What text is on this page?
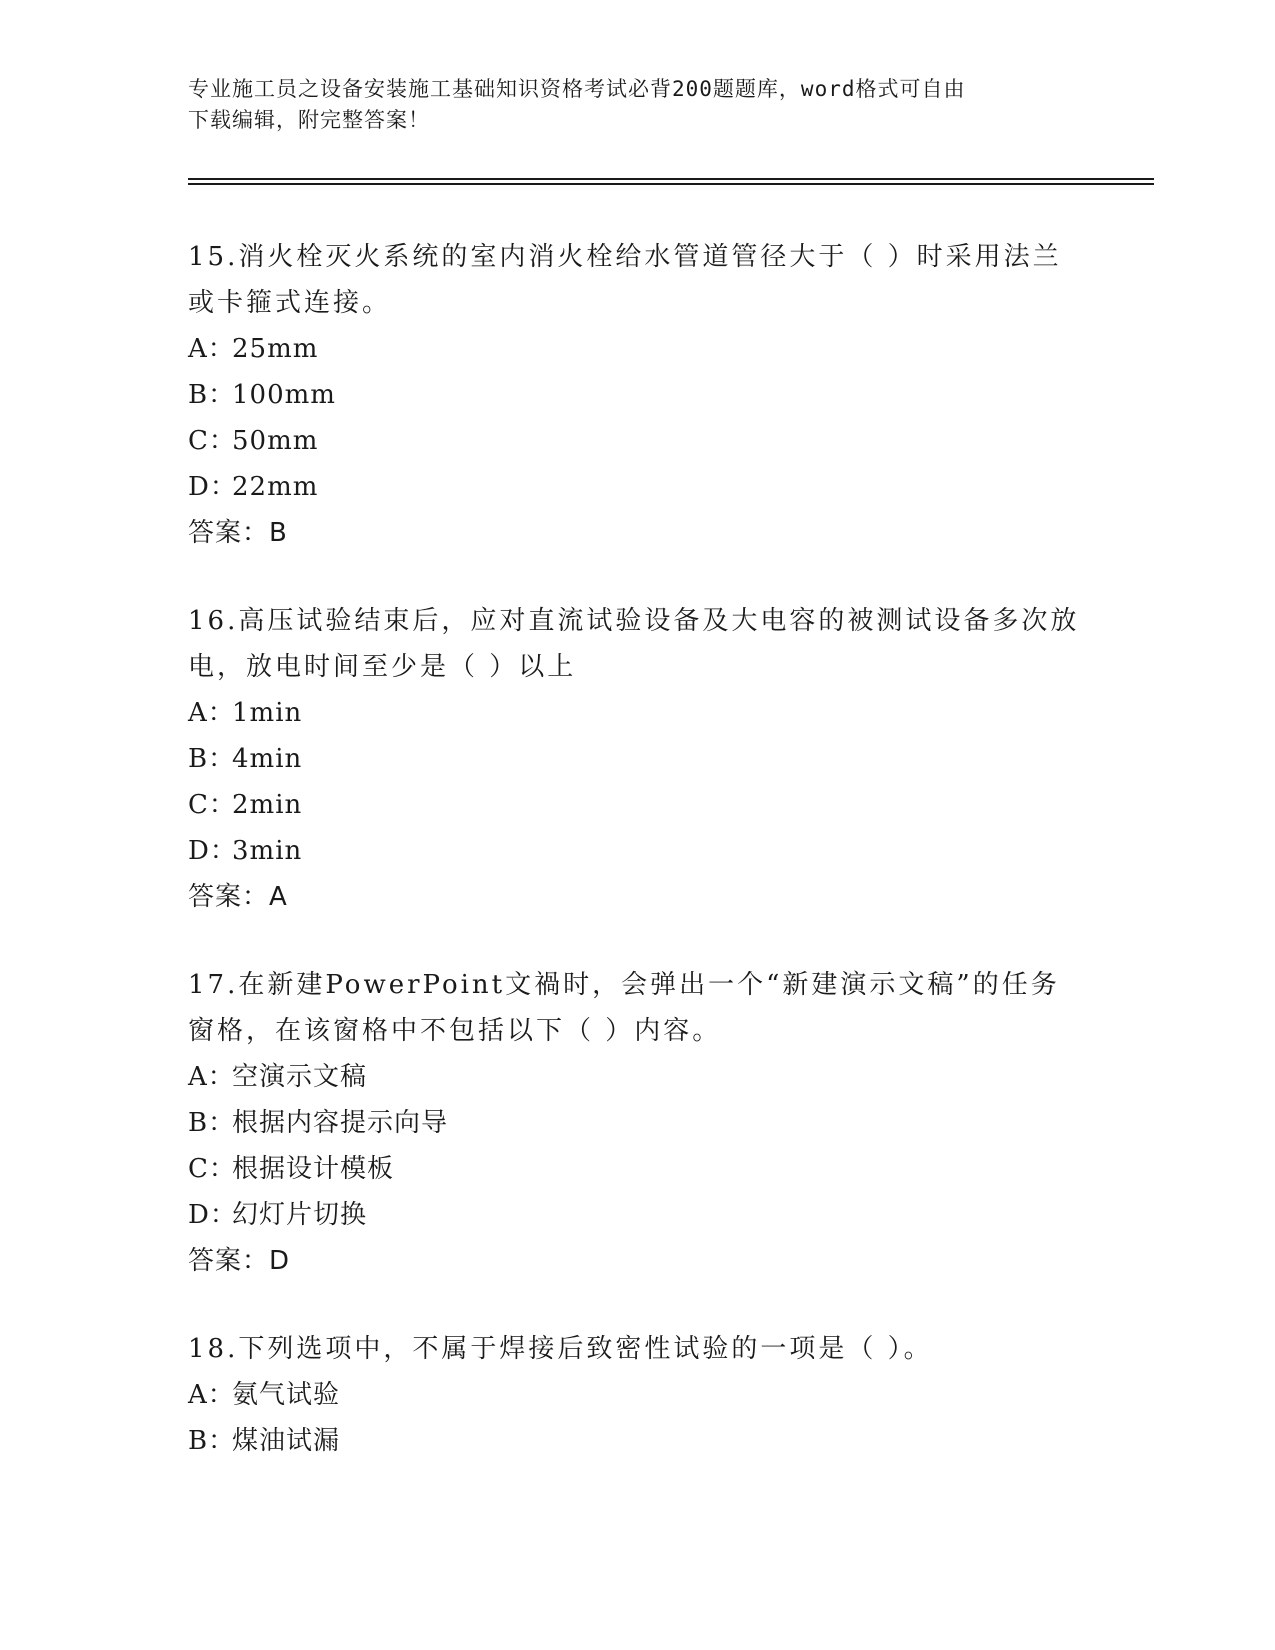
专业施工员之设备安装施工基础知识资格考试必背200题题库，word格式可自由
下载编辑，附完整答案！
15.消火栓灭火系统的室内消火栓给水管道管径大于（ ）时采用法兰
或卡箍式连接。
A：25mm
B：100mm
C：50mm
D：22mm
答案：B
16.高压试验结束后，应对直流试验设备及大电容的被测试设备多次放
电，放电时间至少是（ ）以上
A：1min
B：4min
C：2min
D：3min
答案：A
17.在新建PowerPoint文禍时，会弹出一个“新建演示文稿”的任务
窗格，在该窗格中不包括以下（ ）内容。
A：空演示文稿
B：根据内容提示向导
C：根据设计模板
D：幻灯片切换
答案：D
18.下列选项中，不属于焊接后致密性试验的一项是（ ）。
A：氨气试验
B：煤油试漏
